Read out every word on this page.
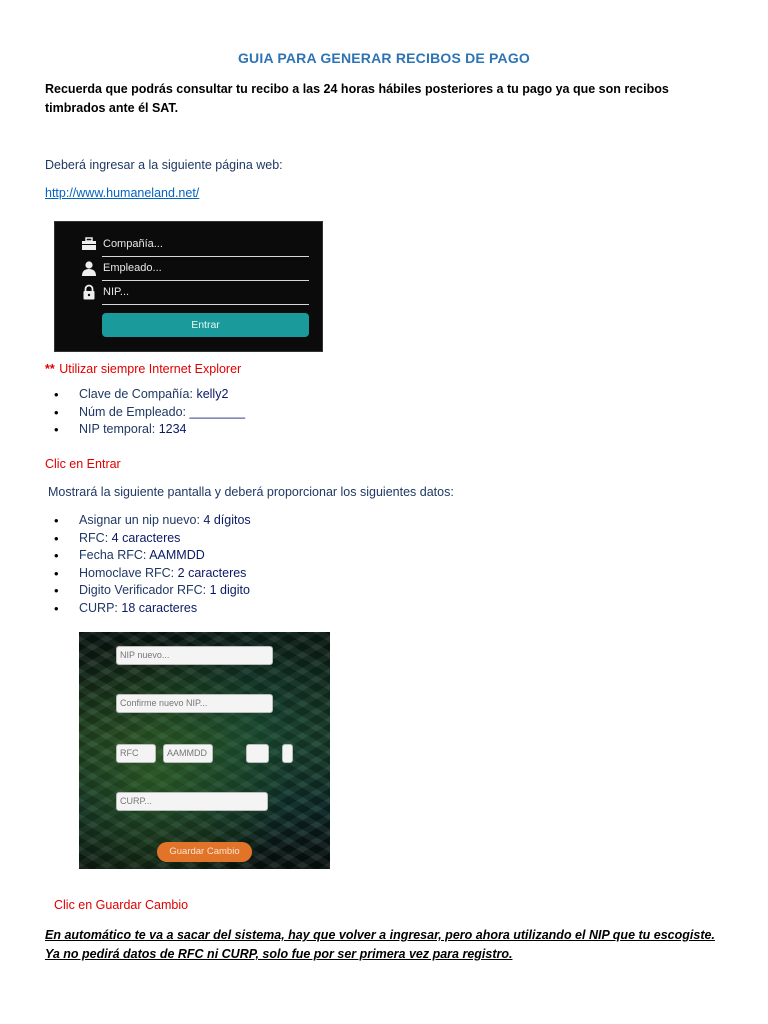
GUIA PARA GENERAR RECIBOS DE PAGO
Recuerda que podrás consultar tu recibo a las 24 horas hábiles posteriores a tu pago ya que son recibos timbrados ante él SAT.
Deberá ingresar a la siguiente página web:
http://www.humaneland.net/
Compañía...
Empleado...
NIP...
Entrar
** Utilizar siempre Internet Explorer
• Clave de Compañía: kelly2
• Núm de Empleado: ________
• NIP temporal: 1234
Clic en Entrar
Mostrará la siguiente pantalla y deberá proporcionar los siguientes datos:
• Asignar un nip nuevo: 4 dígitos
• RFC: 4 caracteres
• Fecha RFC: AAMMDD
• Homoclave RFC: 2 caracteres
• Digito Verificador RFC: 1 digito
• CURP: 18 caracteres
NIP nuevo...
Confirme nuevo NIP...
RFC	AAMMDD
CURP...
Guardar Cambio
Clic en Guardar Cambio
En automático te va a sacar del sistema, hay que volver a ingresar, pero ahora utilizando el NIP que tu escogiste. Ya no pedirá datos de RFC ni CURP, solo fue por ser primera vez para registro.
